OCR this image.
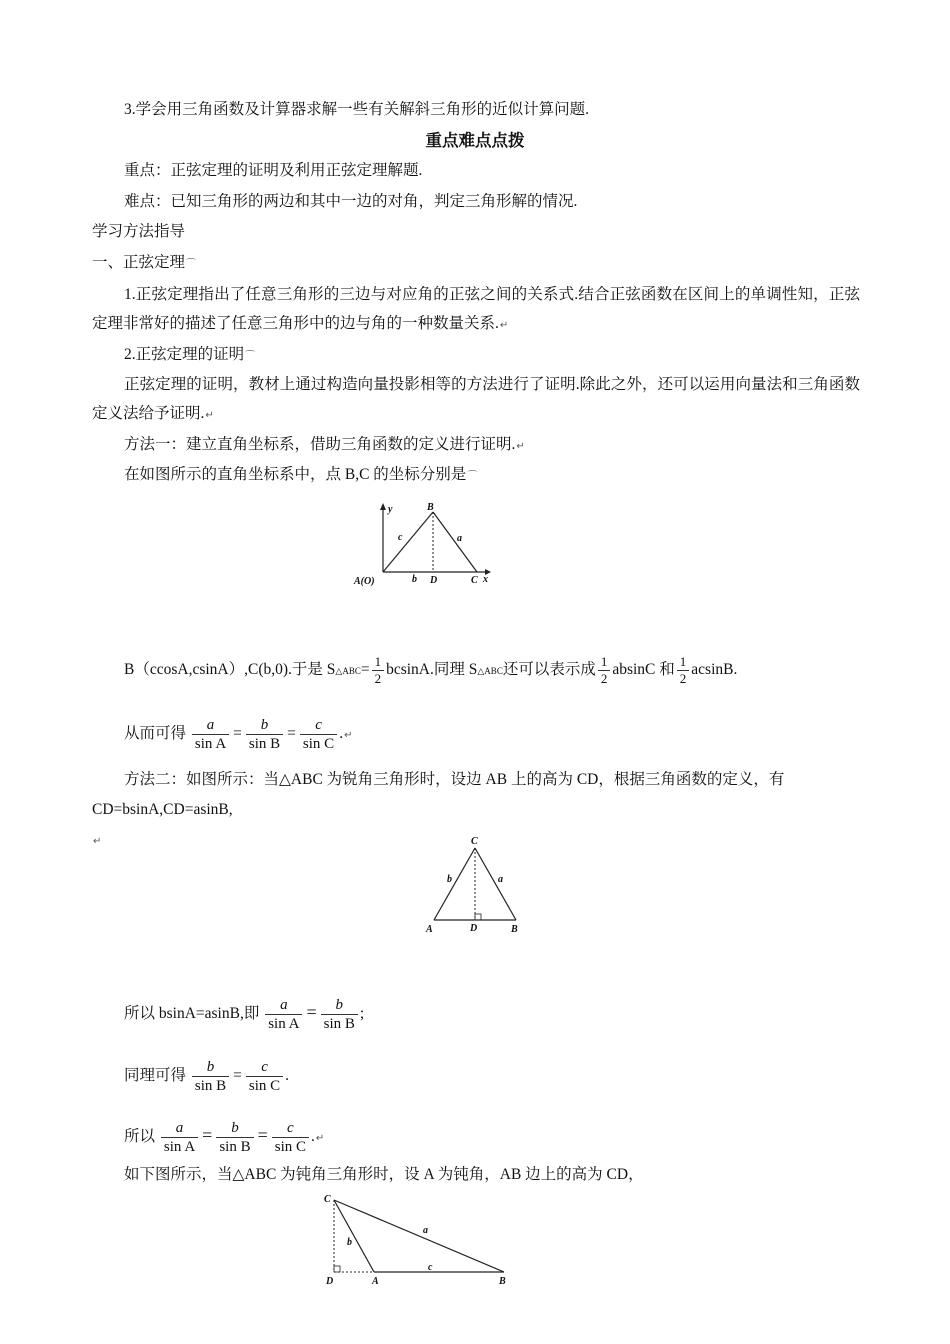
3.学会用三角函数及计算器求解一些有关解斜三角形的近似计算问题.
重点难点点拨
重点：正弦定理的证明及利用正弦定理解题.
难点：已知三角形的两边和其中一边的对角，判定三角形解的情况.
学习方法指导
一、正弦定理⌒
1.正弦定理指出了任意三角形的三边与对应角的正弦之间的关系式.结合正弦函数在区间上的单调性知，正弦定理非常好的描述了任意三角形中的边与角的一种数量关系.↵
2.正弦定理的证明⌒
正弦定理的证明，教材上通过构造向量投影相等的方法进行了证明.除此之外，还可以运用向量法和三角函数定义法给予证明.↵
方法一：建立直角坐标系，借助三角函数的定义进行证明.↵
在如图所示的直角坐标系中，点 B,C 的坐标分别是⌒
y
x
A(O)
B
C
D
c	a
b
B（ccosA,csinA）,C(b,0).于是 S△ABC= $\frac{1}{2} bcsinA$.同理 S△ABC还可以表示成 $\frac{1}{2}$ absinC 和 $\frac{1}{2} acsinB$.
从而可得 $\frac{a}{\text{sin A}} = \frac{b}{\text{sin B}} = \frac{c}{\text{sin C}}$ .↵
方法二：如图所示：当△ABC 为锐角三角形时，设边 AB 上的高为 CD，根据三角函数的定义，有
CD=bsinA,CD=asinB,
↵	C
A	B
D
b	a
所以 bsinA=asinB,即 $\frac{a}{\text{sin A}} = \frac{b}{\text{sin B}}$ ;
同理可得 $\frac{b}{\text{sin B}} = \frac{c}{\text{sin C}}$ .
所以 $\frac{a}{\text{sin A}} = \frac{b}{\text{sin B}} = \frac{c}{\text{sin C}}$ .↵
如下图所示，当△ABC 为钝角三角形时，设 A 为钝角，AB 边上的高为 CD，
C
D	A	B
b
a
c
